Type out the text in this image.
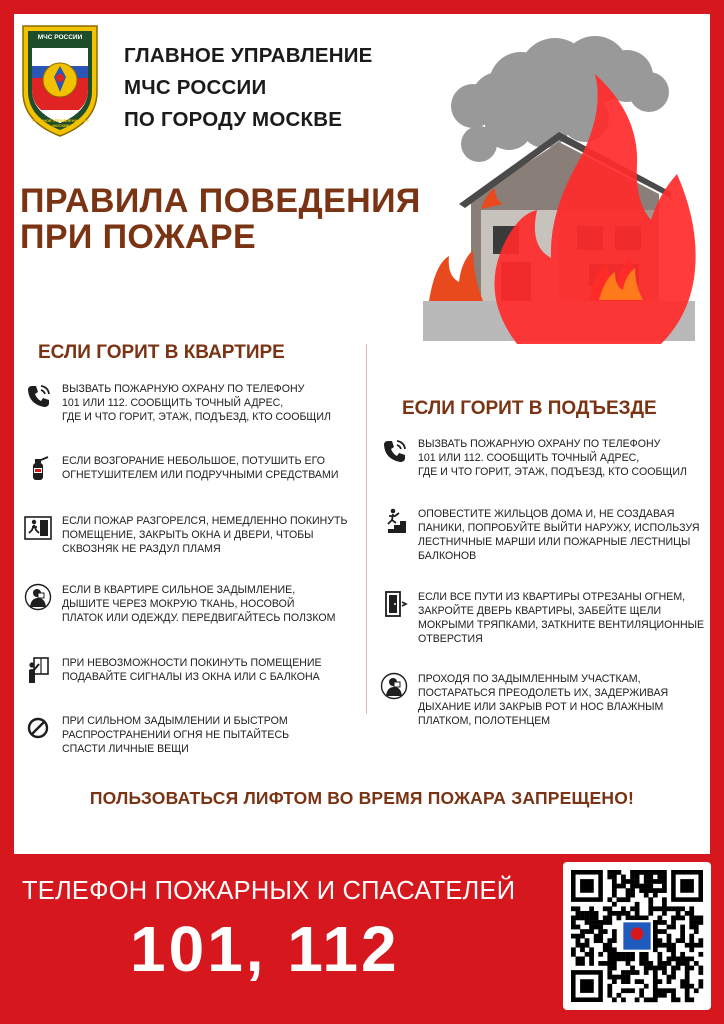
МЧС РОССИИ
ГЛАВНОЕ УПРАВЛЕНИЕ по г. МОСКВЕ
ГЛАВНОЕ УПРАВЛЕНИЕ
МЧС РОССИИ
ПО ГОРОДУ МОСКВЕ
ПРАВИЛА ПОВЕДЕНИЯ
ПРИ ПОЖАРЕ
ЕСЛИ ГОРИТ В КВАРТИРЕ
ВЫЗВАТЬ ПОЖАРНУЮ ОХРАНУ ПО ТЕЛЕФОНУ
101 ИЛИ 112. СООБЩИТЬ ТОЧНЫЙ АДРЕС,
ГДЕ И ЧТО ГОРИТ, ЭТАЖ, ПОДЪЕЗД, КТО СООБЩИЛ
ЕСЛИ ВОЗГОРАНИЕ НЕБОЛЬШОЕ, ПОТУШИТЬ ЕГО
ОГНЕТУШИТЕЛЕМ ИЛИ ПОДРУЧНЫМИ СРЕДСТВАМИ
ЕСЛИ ПОЖАР РАЗГОРЕЛСЯ, НЕМЕДЛЕННО ПОКИНУТЬ
ПОМЕЩЕНИЕ, ЗАКРЫТЬ ОКНА И ДВЕРИ, ЧТОБЫ
СКВОЗНЯК НЕ РАЗДУЛ ПЛАМЯ
ЕСЛИ В КВАРТИРЕ СИЛЬНОЕ ЗАДЫМЛЕНИЕ,
ДЫШИТЕ ЧЕРЕЗ МОКРУЮ ТКАНЬ, НОСОВОЙ
ПЛАТОК ИЛИ ОДЕЖДУ. ПЕРЕДВИГАЙТЕСЬ ПОЛЗКОМ
ПРИ НЕВОЗМОЖНОСТИ ПОКИНУТЬ ПОМЕЩЕНИЕ
ПОДАВАЙТЕ СИГНАЛЫ ИЗ ОКНА ИЛИ С БАЛКОНА
ПРИ СИЛЬНОМ ЗАДЫМЛЕНИИ И БЫСТРОМ
РАСПРОСТРАНЕНИИ ОГНЯ НЕ ПЫТАЙТЕСЬ
СПАСТИ ЛИЧНЫЕ ВЕЩИ
ЕСЛИ ГОРИТ В ПОДЪЕЗДЕ
ВЫЗВАТЬ ПОЖАРНУЮ ОХРАНУ ПО ТЕЛЕФОНУ
101 ИЛИ 112. СООБЩИТЬ ТОЧНЫЙ АДРЕС,
ГДЕ И ЧТО ГОРИТ, ЭТАЖ, ПОДЪЕЗД, КТО СООБЩИЛ
ОПОВЕСТИТЕ ЖИЛЬЦОВ ДОМА И, НЕ СОЗДАВАЯ
ПАНИКИ, ПОПРОБУЙТЕ ВЫЙТИ НАРУЖУ, ИСПОЛЬЗУЯ
ЛЕСТНИЧНЫЕ МАРШИ ИЛИ ПОЖАРНЫЕ ЛЕСТНИЦЫ
БАЛКОНОВ
ЕСЛИ ВСЕ ПУТИ ИЗ КВАРТИРЫ ОТРЕЗАНЫ ОГНЕМ,
ЗАКРОЙТЕ ДВЕРЬ КВАРТИРЫ, ЗАБЕЙТЕ ЩЕЛИ
МОКРЫМИ ТРЯПКАМИ, ЗАТКНИТЕ ВЕНТИЛЯЦИОННЫЕ
ОТВЕРСТИЯ
ПРОХОДЯ ПО ЗАДЫМЛЕННЫМ УЧАСТКАМ,
ПОСТАРАТЬСЯ ПРЕОДОЛЕТЬ ИХ, ЗАДЕРЖИВАЯ
ДЫХАНИЕ ИЛИ ЗАКРЫВ РОТ И НОС ВЛАЖНЫМ
ПЛАТКОМ, ПОЛОТЕНЦЕМ
ПОЛЬЗОВАТЬСЯ ЛИФТОМ ВО ВРЕМЯ ПОЖАРА ЗАПРЕЩЕНО!
ТЕЛЕФОН ПОЖАРНЫХ И СПАСАТЕЛЕЙ
101, 112
